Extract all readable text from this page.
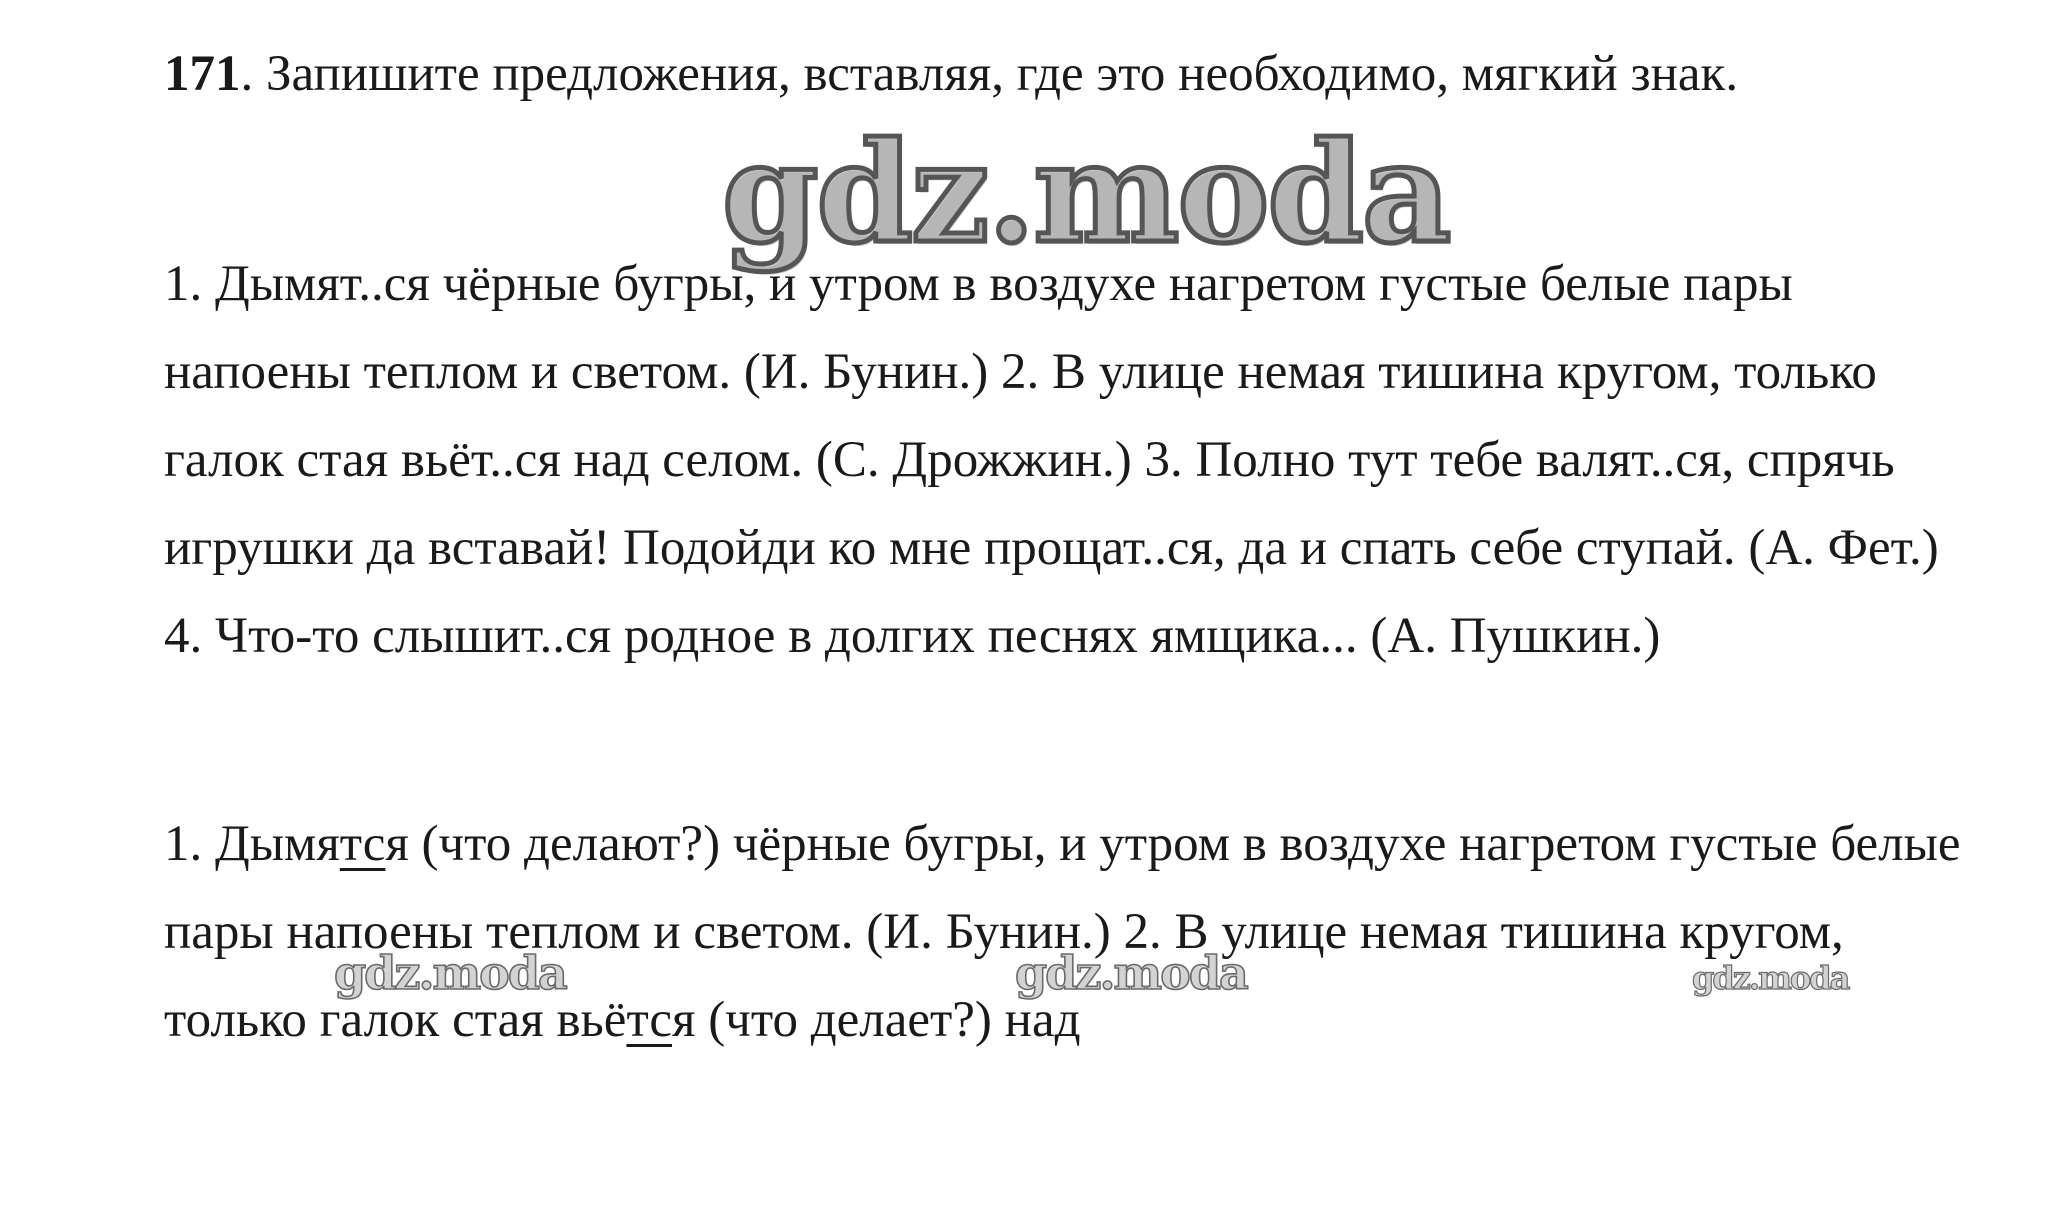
171. Запишите предложения, вставляя, где это необходимо, мягкий знак.

1. Дымят..ся чёрные бугры, и утром в воздухе нагретом густые белые пары напоены теплом и светом. (И. Бунин.) 2. В улице немая тишина кругом, только галок стая вьёт..ся над селом. (С. Дрожжин.) 3. Полно тут тебе валят..ся, спрячь игрушки да вставай! Подойди ко мне прощат..ся, да и спать себе ступай. (А. Фет.) 4. Что-то слышит..ся родное в долгих песнях ямщика... (А. Пушкин.)

1. Дымятся (что делают?) чёрные бугры, и утром в воздухе нагретом густые белые пары напоены теплом и светом. (И. Бунин.) 2. В улице немая тишина кругом, только галок стая вьётся (что делает?) над

gdz.moda
gdz.moda	gdz.moda	gdz.moda
